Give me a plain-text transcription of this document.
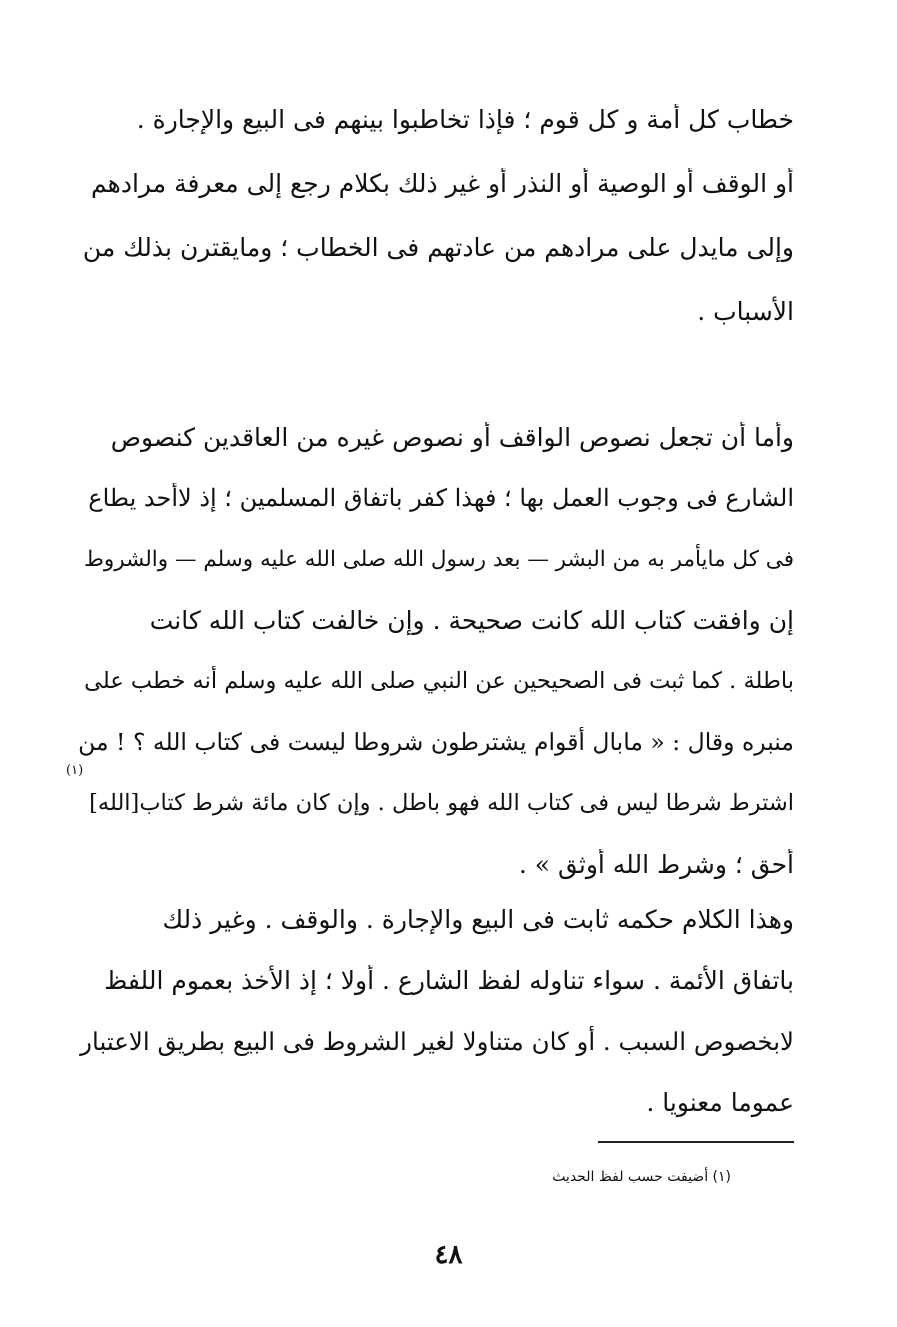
خطاب كل أمة و كل قوم ؛ فإذا تخاطبوا بينهم فى البيع والإجارة .
أو الوقف أو الوصية أو النذر أو غير ذلك بكلام رجع إلى معرفة مرادهم
وإلى مايدل على مرادهم من عادتهم فى الخطاب ؛ ومايقترن بذلك من
الأسباب .
وأما أن تجعل نصوص الواقف أو نصوص غيره من العاقدين كنصوص
الشارع فى وجوب العمل بها ؛ فهذا كفر باتفاق المسلمين ؛ إذ لاأحد يطاع
فى كل مايأمر به من البشر — بعد رسول الله صلى الله عليه وسلم — والشروط
إن وافقت كتاب الله كانت صحيحة . وإن خالفت كتاب الله كانت
باطلة . كما ثبت فى الصحيحين عن النبي صلى الله عليه وسلم أنه خطب على
منبره وقال : « مابال أقوام يشترطون شروطا ليست فى كتاب الله ؟ ! من
اشترط شرطا ليس فى كتاب الله فهو باطل . وإن كان مائة شرط كتاب[الله]
أحق ؛ وشرط الله أوثق » .
(١)
وهذا الكلام حكمه ثابت فى البيع والإجارة . والوقف . وغير ذلك
باتفاق الأئمة . سواء تناوله لفظ الشارع . أولا ؛ إذ الأخذ بعموم اللفظ
لابخصوص السبب . أو كان متناولا لغير الشروط فى البيع بطريق الاعتبار
عموما معنويا .
(١) أضيفت حسب لفظ الحديث
٤٨
